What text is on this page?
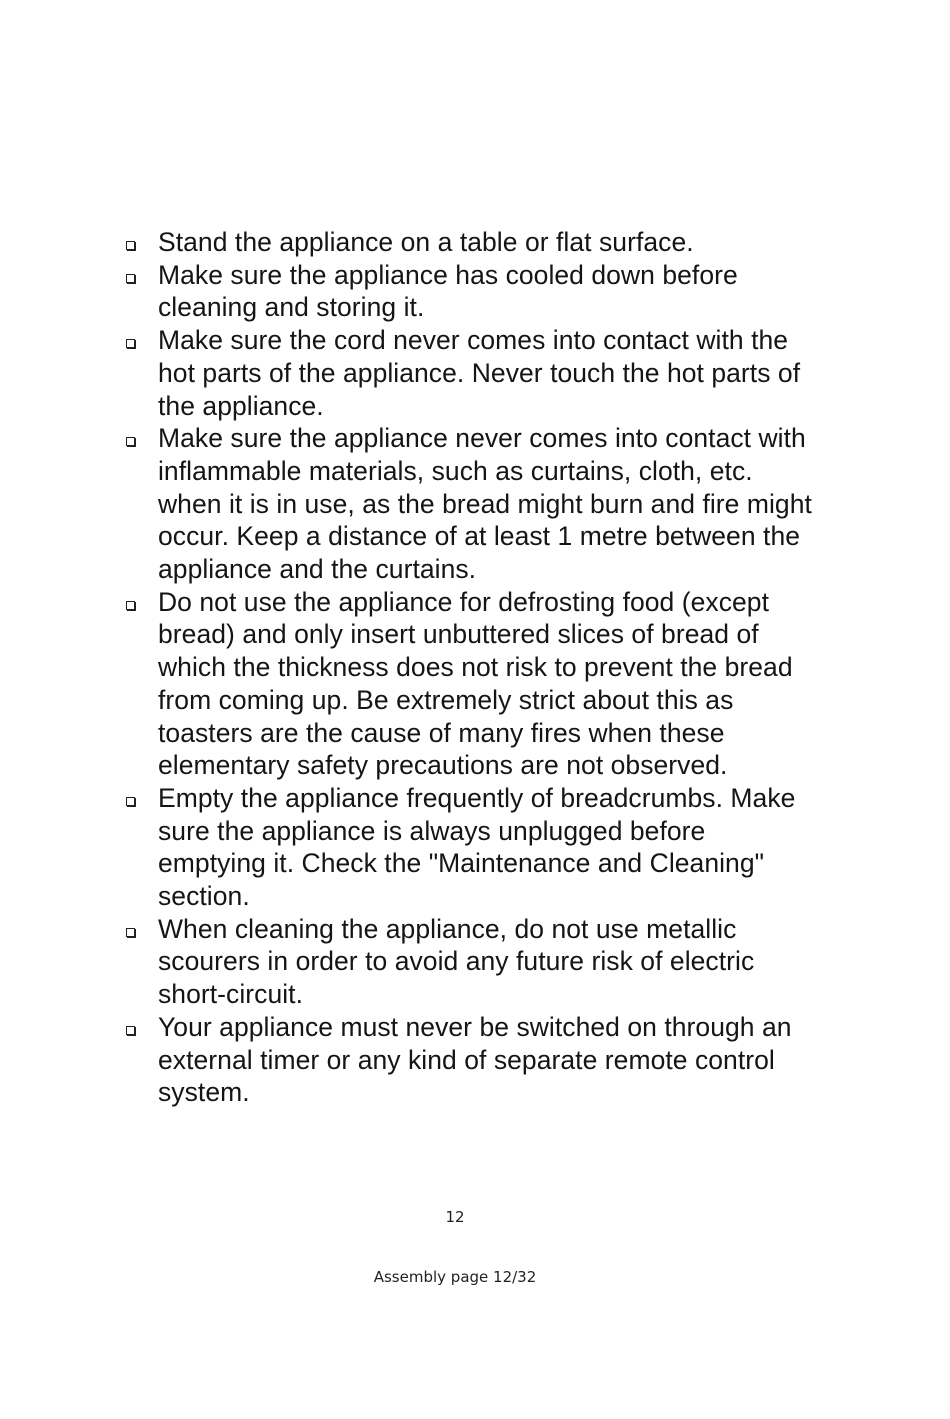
Stand the appliance on a table or flat surface.
Make sure the appliance has cooled down before cleaning and storing it.
Make sure the cord never comes into contact with the hot parts of the appliance. Never touch the hot parts of the appliance.
Make sure the appliance never comes into contact with inflammable materials, such as curtains, cloth, etc. when it is in use, as the bread might burn and fire might occur. Keep a distance of at least 1 metre between the appliance and the curtains.
Do not use the appliance for defrosting food (except bread) and only insert unbuttered slices of bread of which the thickness does not risk to prevent the bread from coming up. Be extremely strict about this as toasters are the cause of many fires when these elementary safety precautions are not observed.
Empty the appliance frequently of breadcrumbs. Make sure the appliance is always unplugged before emptying it. Check the "Maintenance and Cleaning" section.
When cleaning the appliance, do not use metallic scourers in order to avoid any future risk of electric short-circuit.
Your appliance must never be switched on through an external timer or any kind of separate remote control system.
12
Assembly page 12/32
